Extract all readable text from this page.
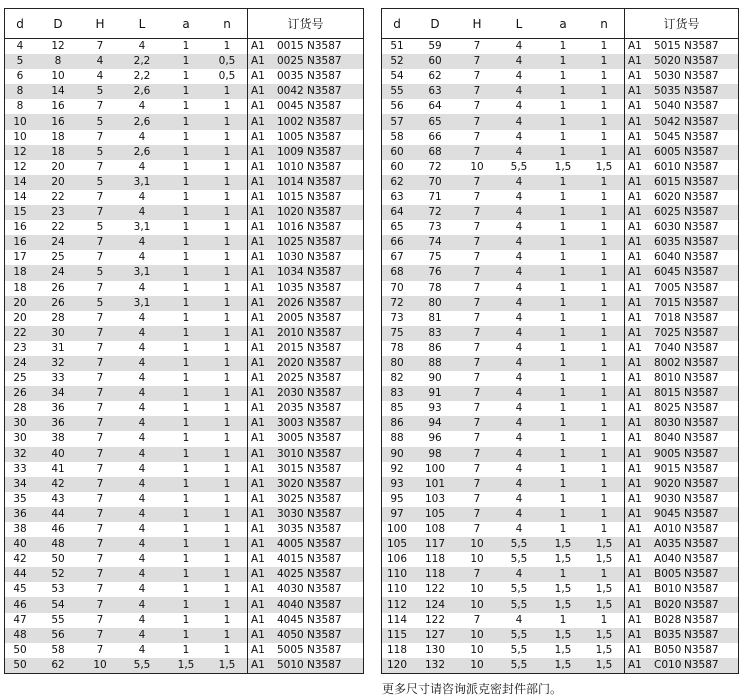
d	D	H	L	a	n	订货号
4	12	7	4	1	1	A1 0015 N3587
5	8	4	2,2	1	0,5	A1 0025 N3587
6	10	4	2,2	1	0,5	A1 0035 N3587
8	14	5	2,6	1	1	A1 0042 N3587
8	16	7	4	1	1	A1 0045 N3587
10	16	5	2,6	1	1	A1 1002 N3587
10	18	7	4	1	1	A1 1005 N3587
12	18	5	2,6	1	1	A1 1009 N3587
12	20	7	4	1	1	A1 1010 N3587
14	20	5	3,1	1	1	A1 1014 N3587
14	22	7	4	1	1	A1 1015 N3587
15	23	7	4	1	1	A1 1020 N3587
16	22	5	3,1	1	1	A1 1016 N3587
16	24	7	4	1	1	A1 1025 N3587
17	25	7	4	1	1	A1 1030 N3587
18	24	5	3,1	1	1	A1 1034 N3587
18	26	7	4	1	1	A1 1035 N3587
20	26	5	3,1	1	1	A1 2026 N3587
20	28	7	4	1	1	A1 2005 N3587
22	30	7	4	1	1	A1 2010 N3587
23	31	7	4	1	1	A1 2015 N3587
24	32	7	4	1	1	A1 2020 N3587
25	33	7	4	1	1	A1 2025 N3587
26	34	7	4	1	1	A1 2030 N3587
28	36	7	4	1	1	A1 2035 N3587
30	36	7	4	1	1	A1 3003 N3587
30	38	7	4	1	1	A1 3005 N3587
32	40	7	4	1	1	A1 3010 N3587
33	41	7	4	1	1	A1 3015 N3587
34	42	7	4	1	1	A1 3020 N3587
35	43	7	4	1	1	A1 3025 N3587
36	44	7	4	1	1	A1 3030 N3587
38	46	7	4	1	1	A1 3035 N3587
40	48	7	4	1	1	A1 4005 N3587
42	50	7	4	1	1	A1 4015 N3587
44	52	7	4	1	1	A1 4025 N3587
45	53	7	4	1	1	A1 4030 N3587
46	54	7	4	1	1	A1 4040 N3587
47	55	7	4	1	1	A1 4045 N3587
48	56	7	4	1	1	A1 4050 N3587
50	58	7	4	1	1	A1 5005 N3587
50	62	10	5,5	1,5	1,5	A1 5010 N3587
d	D	H	L	a	n	订货号
51	59	7	4	1	1	A1 5015 N3587
52	60	7	4	1	1	A1 5020 N3587
54	62	7	4	1	1	A1 5030 N3587
55	63	7	4	1	1	A1 5035 N3587
56	64	7	4	1	1	A1 5040 N3587
57	65	7	4	1	1	A1 5042 N3587
58	66	7	4	1	1	A1 5045 N3587
60	68	7	4	1	1	A1 6005 N3587
60	72	10	5,5	1,5	1,5	A1 6010 N3587
62	70	7	4	1	1	A1 6015 N3587
63	71	7	4	1	1	A1 6020 N3587
64	72	7	4	1	1	A1 6025 N3587
65	73	7	4	1	1	A1 6030 N3587
66	74	7	4	1	1	A1 6035 N3587
67	75	7	4	1	1	A1 6040 N3587
68	76	7	4	1	1	A1 6045 N3587
70	78	7	4	1	1	A1 7005 N3587
72	80	7	4	1	1	A1 7015 N3587
73	81	7	4	1	1	A1 7018 N3587
75	83	7	4	1	1	A1 7025 N3587
78	86	7	4	1	1	A1 7040 N3587
80	88	7	4	1	1	A1 8002 N3587
82	90	7	4	1	1	A1 8010 N3587
83	91	7	4	1	1	A1 8015 N3587
85	93	7	4	1	1	A1 8025 N3587
86	94	7	4	1	1	A1 8030 N3587
88	96	7	4	1	1	A1 8040 N3587
90	98	7	4	1	1	A1 9005 N3587
92	100	7	4	1	1	A1 9015 N3587
93	101	7	4	1	1	A1 9020 N3587
95	103	7	4	1	1	A1 9030 N3587
97	105	7	4	1	1	A1 9045 N3587
100	108	7	4	1	1	A1 A010 N3587
105	117	10	5,5	1,5	1,5	A1 A035 N3587
106	118	10	5,5	1,5	1,5	A1 A040 N3587
110	118	7	4	1	1	A1 B005 N3587
110	122	10	5,5	1,5	1,5	A1 B010 N3587
112	124	10	5,5	1,5	1,5	A1 B020 N3587
114	122	7	4	1	1	A1 B028 N3587
115	127	10	5,5	1,5	1,5	A1 B035 N3587
118	130	10	5,5	1,5	1,5	A1 B050 N3587
120	132	10	5,5	1,5	1,5	A1 C010 N3587
更多尺寸请咨询派克密封件部门。
